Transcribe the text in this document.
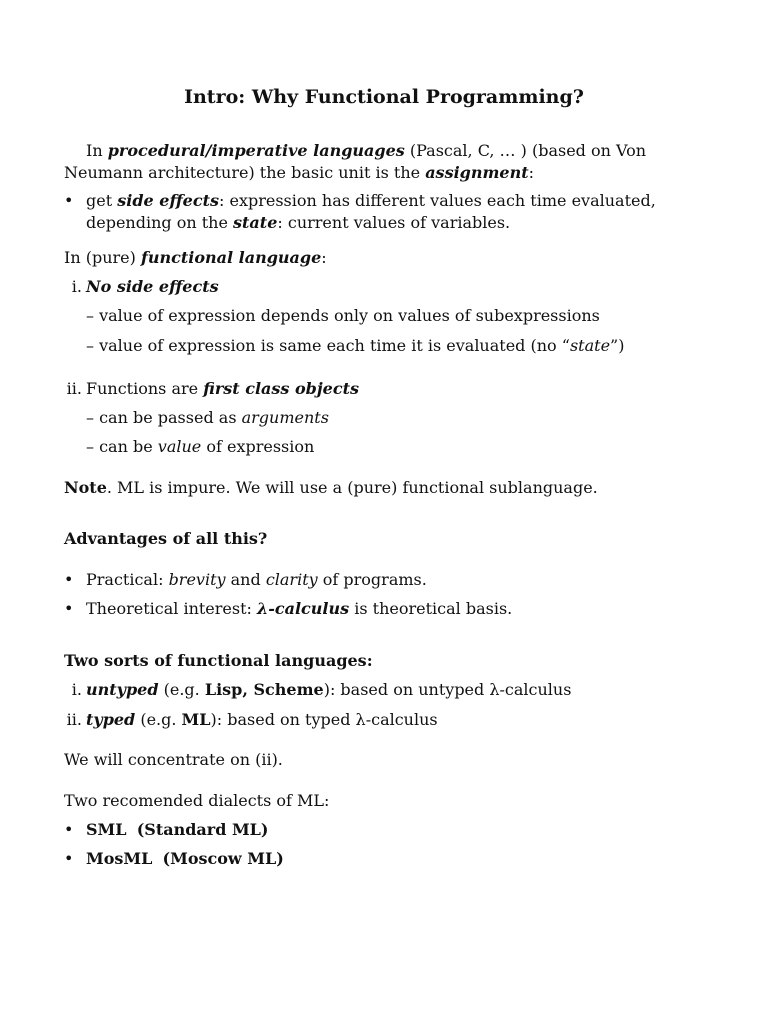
Intro: Why Functional Programming?
In procedural/imperative languages (Pascal, C, … ) (based on Von Neumann architecture) the basic unit is the assignment:
• get side effects: expression has different values each time evaluated, depending on the state: current values of variables.
In (pure) functional language:
i. No side effects
– value of expression depends only on values of subexpressions
– value of expression is same each time it is evaluated (no “state”)
ii. Functions are first class objects
– can be passed as arguments
– can be value of expression
Note. ML is impure. We will use a (pure) functional sublanguage.
Advantages of all this?
• Practical: brevity and clarity of programs.
• Theoretical interest: λ-calculus is theoretical basis.
Two sorts of functional languages:
i. untyped (e.g. Lisp, Scheme): based on untyped λ-calculus
ii. typed (e.g. ML): based on typed λ-calculus
We will concentrate on (ii).
Two recomended dialects of ML:
• SML (Standard ML)
• MosML (Moscow ML)
